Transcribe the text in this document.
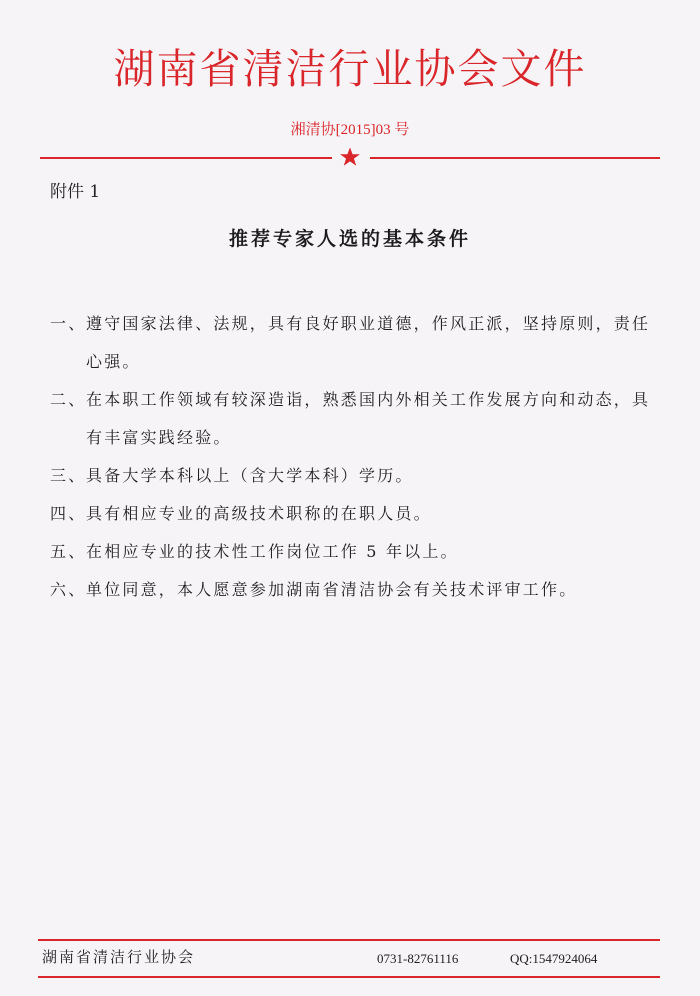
湖南省清洁行业协会文件
湘清协[2015]03 号
附件 1
推荐专家人选的基本条件
一、 遵守国家法律、法规，具有良好职业道德，作风正派，坚持原则，责任心强。
二、 在本职工作领域有较深造诣，熟悉国内外相关工作发展方向和动态，具有丰富实践经验。
三、 具备大学本科以上（含大学本科）学历。
四、 具有相应专业的高级技术职称的在职人员。
五、 在相应专业的技术性工作岗位工作 5 年以上。
六、 单位同意，本人愿意参加湖南省清洁协会有关技术评审工作。
湖南省清洁行业协会	0731-82761116	QQ:1547924064
